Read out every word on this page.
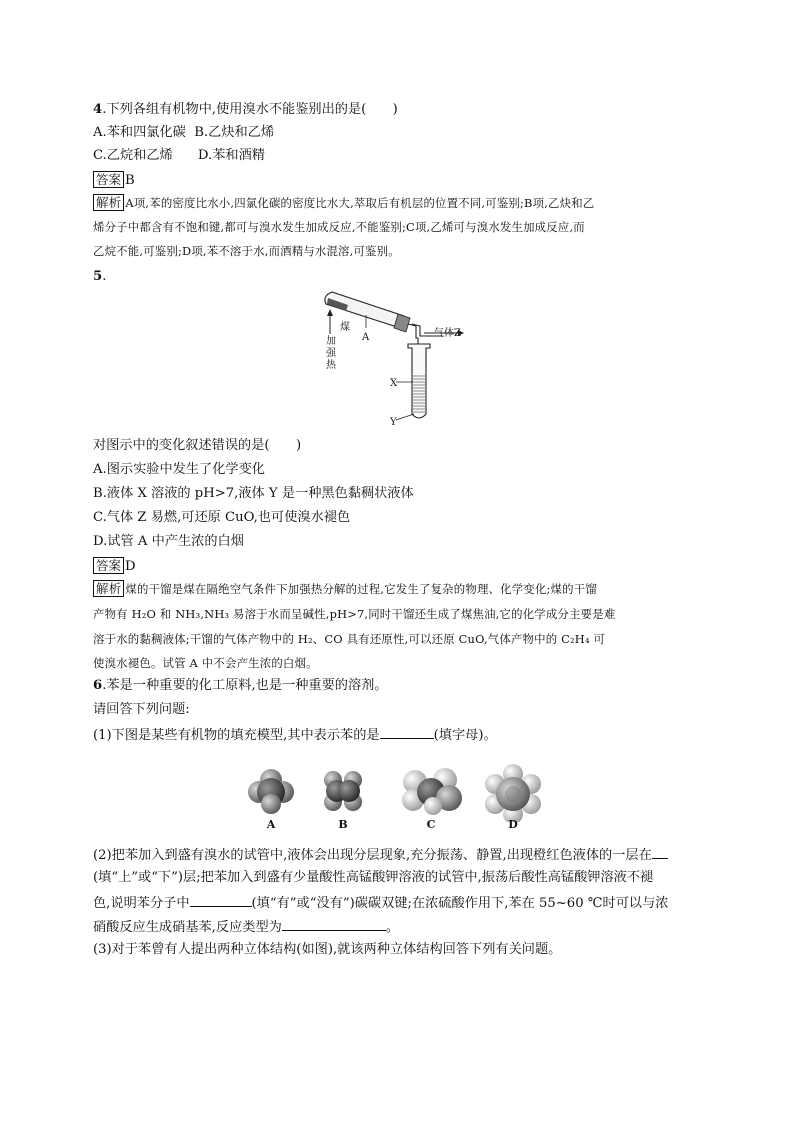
4.下列各组有机物中,使用溴水不能鉴别出的是(　　)
A.苯和四氯化碳 B.乙炔和乙烯
C.乙烷和乙烯 D.苯和酒精
答案 B
解析 A项,苯的密度比水小,四氯化碳的密度比水大,萃取后有机层的位置不同,可鉴别;B项,乙炔和乙
烯分子中都含有不饱和键,都可与溴水发生加成反应,不能鉴别;C项,乙烯可与溴水发生加成反应,而
乙烷不能,可鉴别;D项,苯不溶于水,而酒精与水混溶,可鉴别。
5.
煤
A	气体Z
X
Y
加强热
对图示中的变化叙述错误的是(　　)
A.图示实验中发生了化学变化
B.液体 X 溶液的 pH>7,液体 Y 是一种黑色黏稠状液体
C.气体 Z 易燃,可还原 CuO,也可使溴水褪色
D.试管 A 中产生浓的白烟
答案 D
解析 煤的干馏是煤在隔绝空气条件下加强热分解的过程,它发生了复杂的物理、化学变化;煤的干馏
产物有 H₂O 和 NH₃,NH₃ 易溶于水而呈碱性,pH>7,同时干馏还生成了煤焦油,它的化学成分主要是难
溶于水的黏稠液体;干馏的气体产物中的 H₂、CO 具有还原性,可以还原 CuO,气体产物中的 C₂H₄ 可
使溴水褪色。试管 A 中不会产生浓的白烟。
6.苯是一种重要的化工原料,也是一种重要的溶剂。
请回答下列问题:
(1)下图是某些有机物的填充模型,其中表示苯的是	(填字母)。
A	B	C	D
(2)把苯加入到盛有溴水的试管中,液体会出现分层现象,充分振荡、静置,出现橙红色液体的一层在
(填“上”或“下”)层;把苯加入到盛有少量酸性高锰酸钾溶液的试管中,振荡后酸性高锰酸钾溶液不褪
色,说明苯分子中	(填“有”或“没有”)碳碳双键;在浓硫酸作用下,苯在 55~60 ℃时可以与浓
硝酸反应生成硝基苯,反应类型为	。
(3)对于苯曾有人提出两种立体结构(如图),就该两种立体结构回答下列有关问题。
